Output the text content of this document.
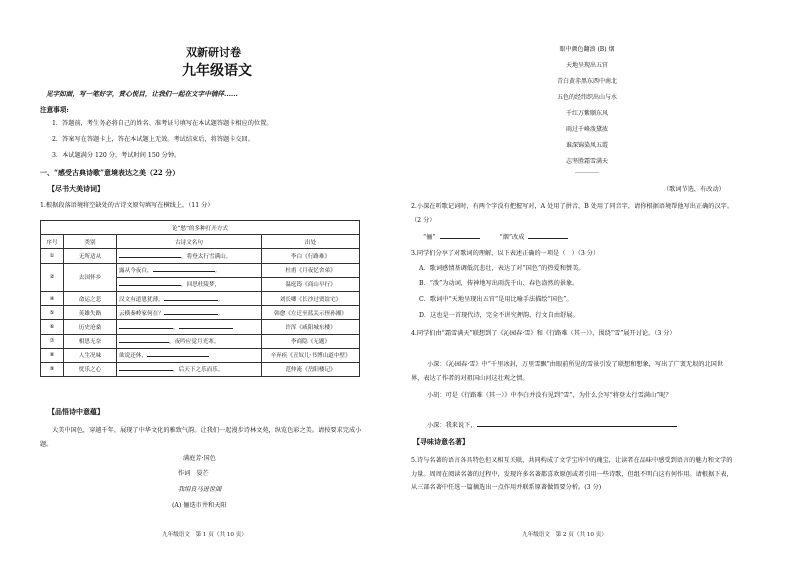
双新研讨卷
九年级语文
见字如面，写一笔好字，赏心悦目，让我们一起在文字中徜徉......
注意事项:
1．答题前，考生务必将自己的姓名、准考证号填写在本试题答题卡相应的位置。
2．答案写在答题卡上，答在本试题上无效。考试结束后，将答题卡交回。
3．本试题满分 120 分，考试时间 150 分钟。
一、“感受古典诗歌”意境表达之美（22 分）
【尽书大美诗词】
1.根据段落语境将空缺处的古诗文原句填写在横线上。（11 分）
论“愁”的多种打开方式			
序号	类别	古诗文名句	出处
①	无所适从	，将登太行雪满山。	李白《行路难》
②	去国怀乡	露从今夜白， 。	杜甫《月夜忆舍弟》
		，回思杜陵梦，	温庭筠《商山早行》
④	命运之悲	汉文有道恩犹薄， 。	刘长卿《长沙过贾谊宅》
⑤	英雄失路	云横秦岭家何在？ 。	韩愈《左迁至蓝关示侄孙湘》
⑥	历史沧桑	，	许浑《咸阳城东楼》
⑦	相思无奈	，夜吟应觉月光寒。	李商隐《无题》
⑧	人生况味	欲说还休，	辛弃疾《丑奴儿·书博山道中壁》
⑨	忧乐之心	，后天下之乐而乐。	范仲淹《岳阳楼记》
【品悟诗中意蕴】
大美中国色，穿越千年，展现了中华文化的雅致气韵。让我们一起漫步诗林文苑，纵览色彩之美。请按要求完成小题。
满庭芳·国色
作词 晏芒
我绢良马进世阁
(A) 俪迭市井和天阳
九年级语文　第 1 页（共 10 页）
眼中颜色翻浪 (B) 烟
天地呈现出五官
青白黄赤黑东西中南北
五色的经纬织出山与水
千红万紫顺东风
雨过千峰泼黛浓
谁深锦染凤五霞
志坚胜霜雪满天
…………
（歌词节选，有改动）
2.小深在听歌记词时，有两个字没有把握写对，A 处用了拼音，B 处用了同音字，请你根据语境帮他写出正确的汉字。（2 分）
“俪”	“烟”改成
3.同学们分享了对歌词的理解，以下表述正确的一项是（　）（3 分）
A．歌词感情基调低沉悲壮，表达了对“国色”的热爱和赞美。
B．“泼”为动词，传神地写出雨洗千山、春色盎然的景象。
C．歌词中“天地呈现出五官”是用比喻手法描绘“国色”。
D．这也是一首现代诗，完全不讲究押韵，行文自由舒展。
4.同学们由“霜雪满天”联想到了《沁园春·雪》和《行路难（其一）》，围绕“雪”展开讨论。（3 分）
小深：《沁园春·雪》中“千里冰封，万里雪飘”由眼前所见的雪景引发了联想和想象，写出了广袤无垠的北国世界，表达了作者的对祖国山河这壮观之情。
小胡：可是《行路难（其一）》中李白并没有见到“雪”，为什么会写“将登太行雪满山”呢？
小深：我来说下，
【寻味诗意名著】
5.诗与名著的语言各具特色但又相互关联，共同构成了文学宝库中的瑰宝，让读者在品味中感受到语言的魅力和文学的力量。周周在阅读名著的过程中，发现许多名著都喜欢原创或者引用一些诗歌，但组不明白这有何作用。请根据下表，从三部名著中任选一篇摘选出一点作用并联系原著做简要分析。(3 分)
九年级语文　第 2 页（共 10 页）
